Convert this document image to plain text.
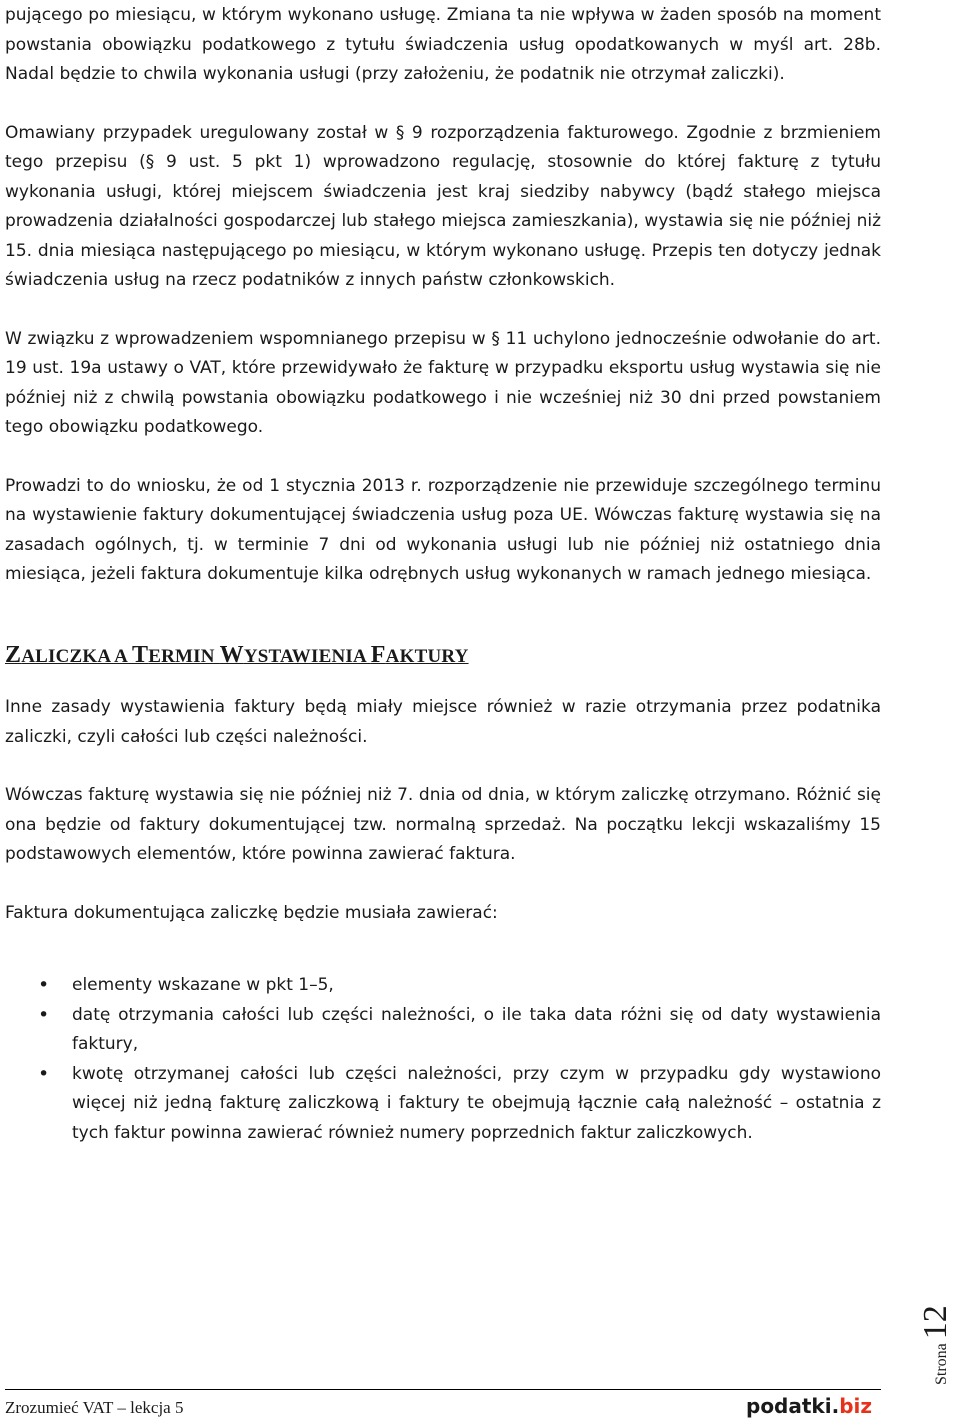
pującego po miesiącu, w którym wykonano usługę. Zmiana ta nie wpływa w żaden sposób na moment powstania obowiązku podatkowego z tytułu świadczenia usług opodatkowanych w myśl art. 28b. Nadal będzie to chwila wykonania usługi (przy założeniu, że podatnik nie otrzymał zaliczki).

Omawiany przypadek uregulowany został w § 9 rozporządzenia fakturowego. Zgodnie z brzmieniem tego przepisu (§ 9 ust. 5 pkt 1) wprowadzono regulację, stosownie do której fakturę z tytułu wykonania usługi, której miejscem świadczenia jest kraj siedziby nabywcy (bądź stałego miejsca prowadzenia działalności gospodarczej lub stałego miejsca zamieszkania), wystawia się nie później niż 15. dnia miesiąca następującego po miesiącu, w którym wykonano usługę. Przepis ten dotyczy jednak świadczenia usług na rzecz podatników z innych państw członkowskich.

W związku z wprowadzeniem wspomnianego przepisu w § 11 uchylono jednocześnie odwołanie do art. 19 ust. 19a ustawy o VAT, które przewidywało że fakturę w przypadku eksportu usług wystawia się nie później niż z chwilą powstania obowiązku podatkowego i nie wcześniej niż 30 dni przed powstaniem tego obowiązku podatkowego.

Prowadzi to do wniosku, że od 1 stycznia 2013 r. rozporządzenie nie przewiduje szczególnego terminu na wystawienie faktury dokumentującej świadczenia usług poza UE. Wówczas fakturę wystawia się na zasadach ogólnych, tj. w terminie 7 dni od wykonania usługi lub nie później niż ostatniego dnia miesiąca, jeżeli faktura dokumentuje kilka odrębnych usług wykonanych w ramach jednego miesiąca.

ZALICZKA A TERMIN WYSTAWIENIA FAKTURY

Inne zasady wystawienia faktury będą miały miejsce również w razie otrzymania przez podatnika zaliczki, czyli całości lub części należności.

Wówczas fakturę wystawia się nie później niż 7. dnia od dnia, w którym zaliczkę otrzymano. Różnić się ona będzie od faktury dokumentującej tzw. normalną sprzedaż. Na początku lekcji wskazaliśmy 15 podstawowych elementów, które powinna zawierać faktura.

Faktura dokumentująca zaliczkę będzie musiała zawierać:

• elementy wskazane w pkt 1–5,
• datę otrzymania całości lub części należności, o ile taka data różni się od daty wystawienia faktury,
• kwotę otrzymanej całości lub części należności, przy czym w przypadku gdy wystawiono więcej niż jedną fakturę zaliczkową i faktury te obejmują łącznie całą należność – ostatnia z tych faktur powinna zawierać również numery poprzednich faktur zaliczkowych.
Strona12
Zrozumieć VAT – lekcja 5	podatki.biz
